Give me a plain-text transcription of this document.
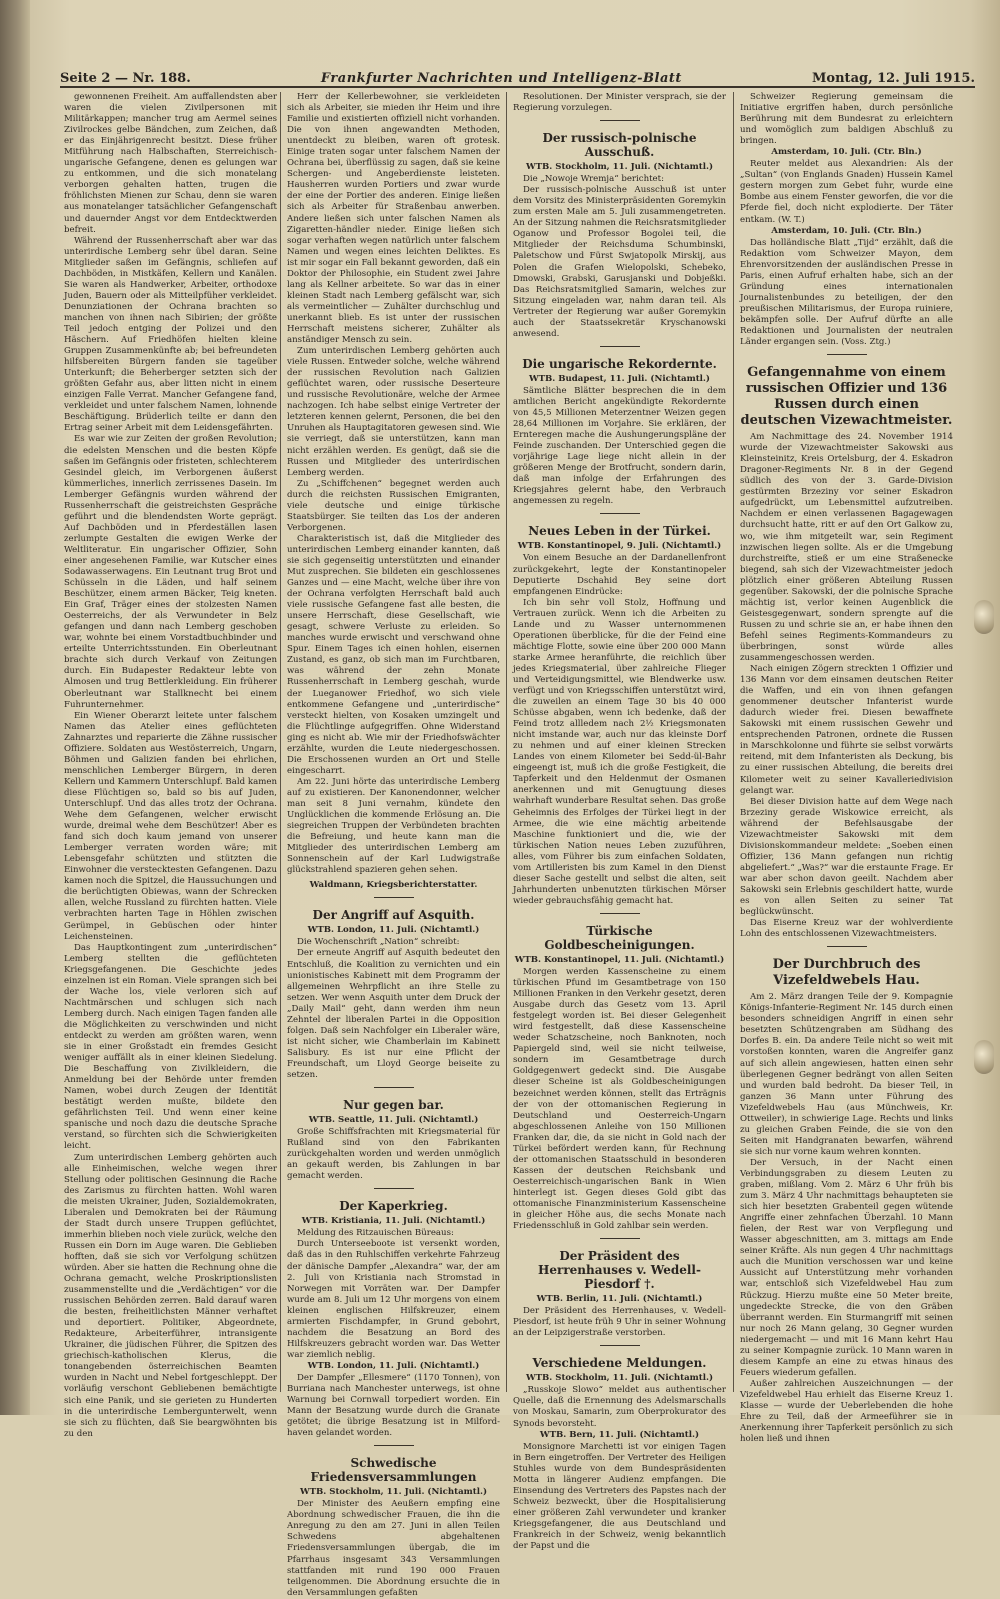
Seite 2 — Nr. 188.	Frankfurter Nachrichten und Intelligenz-Blatt	Montag, 12. Juli 1915.

gewonnenen Freiheit. Am auffallendsten aber waren die vielen Zivilpersonen mit Militärkappen; mancher trug am Aermel seines Zivilrockes gelbe Bändchen, zum Zeichen, daß er das Einjährigenrecht besitzt. Diese früher Mitführung nach Halbschaften, Sterreichisch-ungarische Gefangene, denen es gelungen war zu entkommen, und die sich monatelang verborgen gehalten hatten, trugen die fröhlichsten Mienen zur Schau, denn sie waren aus monatelanger tatsächlicher Gefangenschaft und dauernder Angst vor dem Entdecktwerden befreit.

Während der Russenherrschaft aber war das unterirdische Lemberg sehr übel daran. Seine Mitglieder saßen im Gefängnis, schliefen auf Dachböden, in Mistkäfen, Kellern und Kanälen. Sie waren als Handwerker, Arbeiter, orthodoxe Juden, Bauern oder als Mitteilpfüher verkleidet. Denunziationen der Ochrana brachten so manchen von ihnen nach Sibirien; der größte Teil jedoch entging der Polizei und den Häschern. Auf Friedhöfen hielten kleine Gruppen Zusammenkünfte ab; bei befreundeten hilfsbereiten Bürgern fanden sie tageüber Unterkunft; die Beherberger setzten sich der größten Gefahr aus, aber litten nicht in einem einzigen Falle Verrat. Mancher Gefangene fand, verkleidet und unter falschem Namen, lohnende Beschäftigung. Brüderlich teilte er dann den Ertrag seiner Arbeit mit dem Leidensgefährten.

Es war wie zur Zeiten der großen Revolution; die edelsten Menschen und die besten Köpfe saßen im Gefängnis oder fristeten, schlechterem Gesindel gleich, im Verborgenen äußerst kümmerliches, innerlich zerrissenes Dasein. Im Lemberger Gefängnis wurden während der Russenherrschaft die geistreichsten Gespräche geführt und die blendendsten Worte geprägt. Auf Dachböden und in Pferdeställen lasen zerlumpte Gestalten die ewigen Werke der Weltliteratur. Ein ungarischer Offizier, Sohn einer angesehenen Familie, war Kutscher eines Sodawasserwagens. Ein Leutnant trug Brot und Schüsseln in die Läden, und half seinem Beschützer, einem armen Bäcker, Teig kneten. Ein Graf, Träger eines der stolzesten Namen Oesterreichs, der als Verwundeter in Belz gefangen und dann nach Lemberg geschoben war, wohnte bei einem Vorstadtbuchbinder und erteilte Unterrichtsstunden. Ein Oberleutnant brachte sich durch Verkauf von Zeitungen durch. Ein Budapester Redakteur lebte von Almosen und trug Bettlerkleidung. Ein früherer Oberleutnant war Stallknecht bei einem Fuhrunternehmer.

Ein Wiener Oberarzt leitete unter falschem Namen das Atelier eines geflüchteten Zahnarztes und reparierte die Zähne russischer Offiziere. Soldaten aus Westösterreich, Ungarn, Böhmen und Galizien fanden bei ehrlichen, menschlichen Lemberger Bürgern, in deren Kellern und Kammern Unterschlupf. Bald kamen diese Flüchtigen so, bald so bis auf Juden, Unterschlupf. Und das alles trotz der Ochrana. Wehe dem Gefangenen, welcher erwischt wurde, dreimal wehe dem Beschützer! Aber es fand sich doch kaum jemand von unserer Lemberger verraten worden wäre; mit Lebensgefahr schützten und stützten die Einwohner die verstecktesten Gefangenen. Dazu kamen noch die Spitzel, die Haussuchungen und die berüchtigten Obiewas, wann der Schrecken allen, welche Russland zu fürchten hatten. Viele verbrachten harten Tage in Höhlen zwischen Gerümpel, in Gebüschen oder hinter Leichensteinen.

Das Hauptkontingent zum „unterirdischen“ Lemberg stellten die geflüchteten Kriegsgefangenen. Die Geschichte jedes einzelnen ist ein Roman. Viele sprangen sich bei der Wache los, viele verloren sich auf Nachtmärschen und schlugen sich nach Lemberg durch. Nach einigen Tagen fanden alle die Möglichkeiten zu verschwinden und nicht entdeckt zu werden am größten waren, wenn sie in einer Großstadt ein fremdes Gesicht weniger auffällt als in einer kleinen Siedelung. Die Beschaffung von Zivilkleidern, die Anmeldung bei der Behörde unter fremden Namen, wobei durch Zeugen der Identität bestätigt werden mußte, bildete den gefährlichsten Teil. Und wenn einer keine spanische und noch dazu die deutsche Sprache verstand, so fürchten sich die Schwierigkeiten leicht.

Zum unterirdischen Lemberg gehörten auch alle Einheimischen, welche wegen ihrer Stellung oder politischen Gesinnung die Rache des Zarismus zu fürchten hatten. Wohl waren die meisten Ukrainer, Juden, Sozialdemokraten, Liberalen und Demokraten bei der Räumung der Stadt durch unsere Truppen geflüchtet, immerhin blieben noch viele zurück, welche den Russen ein Dorn im Auge waren. Die Geblieben hofften, daß sie sich vor Verfolgung schützen würden. Aber sie hatten die Rechnung ohne die Ochrana gemacht, welche Proskriptionslisten zusammenstellte und die „Verdächtigen“ vor die russischen Behörden zerren. Bald darauf waren die besten, freiheitlichsten Männer verhaftet und deportiert. Politiker, Abgeordnete, Redakteure, Arbeiterführer, intransigente Ukrainer, die jüdischen Führer, die Spitzen des griechisch-katholischen Klerus, die tonangebenden österreichischen Beamten wurden in Nacht und Nebel fortgeschleppt. Der vorläufig verschont Gebliebenen bemächtigte sich eine Panik, und sie gerieten zu Hunderten in die unterirdische Lembergunterwelt, wenn sie sich zu flüchten, daß Sie beargwöhnten bis zu den

Herr der Kellerbewohner, sie verkleideten sich als Arbeiter, sie mieden ihr Heim und ihre Familie und existierten offiziell nicht vorhanden. Die von ihnen angewandten Methoden, unentdeckt zu bleiben, waren oft grotesk. Einige traten sogar unter falschem Namen der Ochrana bei, überflüssig zu sagen, daß sie keine Schergen- und Angeberdienste leisteten. Hausherren wurden Portiers und zwar wurde der eine der Portier des anderen. Einige ließen sich als Arbeiter für Straßenbau anwerben. Andere ließen sich unter falschen Namen als Zigaretten-händler nieder. Einige ließen sich sogar verhaften wegen natürlich unter falschem Namen und wegen eines leichten Deliktes. Es ist mir sogar ein Fall bekannt geworden, daß ein Doktor der Philosophie, ein Student zwei Jahre lang als Kellner arbeitete. So war das in einer kleinen Stadt nach Lemberg gefälscht war, sich als vermeintlicher — Zuhälter durchschlug und unerkannt blieb. Es ist unter der russischen Herrschaft meistens sicherer, Zuhälter als anständiger Mensch zu sein.

Zum unterirdischen Lemberg gehörten auch viele Russen. Entweder solche, welche während der russischen Revolution nach Galizien geflüchtet waren, oder russische Deserteure und russische Revolutionäre, welche der Armee nachzogen. Ich habe selbst einige Vertreter der letzteren kennen gelernt, Personen, die bei den Unruhen als Hauptagitatoren gewesen sind. Wie sie verriegt, daß sie unterstützen, kann man nicht erzählen werden. Es genügt, daß sie die Russen und Mitglieder des unterirdischen Lemberg werden.

Zu „Schiffchenen“ begegnet werden auch durch die reichsten Russischen Emigranten, viele deutsche und einige türkische Staatsbürger. Sie teilten das Los der anderen Verborgenen.

Charakteristisch ist, daß die Mitglieder des unterirdischen Lemberg einander kannten, daß sie sich gegenseitig unterstützten und einander Mut zusprechen. Sie bildeten ein geschlossenes Ganzes und — eine Macht, welche über ihre von der Ochrana verfolgten Herrschaft bald auch viele russische Gefangene fast alle besten, die unsere Herrschaft, diese Gesellschaft, wie gesagt, schwere Verluste zu erleiden. So manches wurde erwischt und verschwand ohne Spur. Einem Tages ich einen hohlen, eisernen Zustand, es ganz, ob sich man im Furchtbaren, was während der zehn Monate Russenherrschaft in Lemberg geschah, wurde der Lueganower Friedhof, wo sich viele entkommene Gefangene und „unterirdische“ versteckt hielten, von Kosaken umzingelt und die Flüchtlinge aufgegriffen. Ohne Widerstand ging es nicht ab. Wie mir der Friedhofswächter erzählte, wurden die Leute niedergeschossen. Die Erschossenen wurden an Ort und Stelle eingescharrt.

Am 22. Juni hörte das unterirdische Lemberg auf zu existieren. Der Kanonendonner, welcher man seit 8 Juni vernahm, kündete den Unglücklichen die kommende Erlösung an. Die siegreichen Truppen der Verbündeten brachten die Befreiung, und heute kann man die Mitglieder des unterirdischen Lemberg am Sonnenschein auf der Karl Ludwigstraße glückstrahlend spazieren gehen sehen.

Waldmann, Kriegsberichterstatter.
Der Angriff auf Asquith.
WTB. London, 11. Juli. (Nichtamtl.)

Die Wochenschrift „Nation“ schreibt:

Der erneute Angriff auf Asquith bedeutet den Entschluß, die Koalition zu vernichten und ein unionistisches Kabinett mit dem Programm der allgemeinen Wehrpflicht an ihre Stelle zu setzen. Wer wenn Asquith unter dem Druck der „Daily Mail“ geht, dann werden ihm neun Zehntel der liberalen Partei in die Opposition folgen. Daß sein Nachfolger ein Liberaler wäre, ist nicht sicher, wie Chamberlain im Kabinett Salisbury. Es ist nur eine Pflicht der Freundschaft, um Lloyd George beiseite zu setzen.

Nur gegen bar.
WTB. Seattle, 11. Juli. (Nichtamtl.)

Große Schiffsfrachten mit Kriegsmaterial für Rußland sind von den Fabrikanten zurückgehalten worden und werden unmöglich an gekauft werden, bis Zahlungen in bar gemacht werden.

Der Kaperkrieg.
WTB. Kristiania, 11. Juli. (Nichtamtl.)

Meldung des Ritzauischen Büreaus:

Durch Unterseeboote ist versenkt worden, daß das in den Ruhlschiffen verkehrte Fahrzeug der dänische Dampfer „Alexandra“ war, der am 2. Juli von Kristiania nach Stromstad in Norwegen mit Vorräten war. Der Dampfer wurde am 8. Juli um 12 Uhr morgens von einem kleinen englischen Hilfskreuzer, einem armierten Fischdampfer, in Grund gebohrt, nachdem die Besatzung an Bord des Hilfskreuzers gebracht worden war. Das Wetter war ziemlich neblig.

WTB. London, 11. Juli. (Nichtamtl.)

Der Dampfer „Ellesmere“ (1170 Tonnen), von Burriana nach Manchester unterwegs, ist ohne Warnung bei Cornwall torpediert worden. Ein Mann der Besatzung wurde durch die Granate getötet; die übrige Besatzung ist in Milford-haven gelandet worden.

Schwedische Friedensversammlungen
WTB. Stockholm, 11. Juli. (Nichtamtl.)

Der Minister des Aeußern empfing eine Abordnung schwedischer Frauen, die ihn die Anregung zu den am 27. Juni in allen Teilen Schwedens abgehaltenen Friedensversammlungen übergab, die im Pfarrhaus insgesamt 343 Versammlungen stattfanden mit rund 190 000 Frauen teilgenommen. Die Abordnung ersuchte die in den Versammlungen gefaßten

Resolutionen. Der Minister versprach, sie der Regierung vorzulegen.

Der russisch-polnische Ausschuß.
WTB. Stockholm, 11. Juli. (Nichtamtl.)

Die „Nowoje Wremja“ berichtet:

Der russisch-polnische Ausschuß ist unter dem Vorsitz des Ministerpräsidenten Goremykin zum ersten Male am 5. Juli zusammengetreten. An der Sitzung nahmen die Reichsratsmitglieder Oganow und Professor Bogolei teil, die Mitglieder der Reichsduma Schumbinski, Paletschow und Fürst Swjatopolk Mirskij, aus Polen die Grafen Wielopolski, Schebeko, Dmowski, Grabski, Garusjanski und Dobjeßki. Das Reichsratsmitglied Samarin, welches zur Sitzung eingeladen war, nahm daran teil. Als Vertreter der Regierung war außer Goremykin auch der Staatssekretär Kryschanowski anwesend.

Die ungarische Rekordernte.
WTB. Budapest, 11. Juli. (Nichtamtl.)

Sämtliche Blätter besprechen die in dem amtlichen Bericht angekündigte Rekordernte von 45,5 Millionen Meterzentner Weizen gegen 28,64 Millionen im Vorjahre. Sie erklären, der Ernteregen mache die Aushungerungspläne der Feinde zuschanden. Der Unterschied gegen die vorjährige Lage liege nicht allein in der größeren Menge der Brotfrucht, sondern darin, daß man infolge der Erfahrungen des Kriegsjahres gelernt habe, den Verbrauch angemessen zu regeln.

Neues Leben in der Türkei.
WTB. Konstantinopel, 9. Juli. (Nichtamtl.)

Von einem Besuche an der Dardanellenfront zurückgekehrt, legte der Konstantinopeler Deputierte Dschahid Bey seine dort empfangenen Eindrücke:

Ich bin sehr voll Stolz, Hoffnung und Vertrauen zurück. Wenn ich die Arbeiten zu Lande und zu Wasser unternommenen Operationen überblicke, für die der Feind eine mächtige Flotte, sowie eine über 200 000 Mann starke Armee heranführte, die reichlich über jedes Kriegsmaterial, über zahlreiche Flieger und Verteidigungsmittel, wie Blendwerke usw. verfügt und von Kriegsschiffen unterstützt wird, die zuweilen an einem Tage 30 bis 40 000 Schüsse abgaben, wenn ich bedenke, daß der Feind trotz allledem nach 2½ Kriegsmonaten nicht imstande war, auch nur das kleinste Dorf zu nehmen und auf einer kleinen Strecken Landes von einem Kilometer bei Sedd-ül-Bahr eingeengt ist, muß ich die große Festigkeit, die Tapferkeit und den Heldenmut der Osmanen anerkennen und mit Genugtuung dieses wahrhaft wunderbare Resultat sehen. Das große Geheimnis des Erfolges der Türkei liegt in der Armee, die wie eine mächtig arbeitende Maschine funktioniert und die, wie der türkischen Nation neues Leben zuzuführen, alles, vom Führer bis zum einfachen Soldaten, vom Artilleristen bis zum Kamel in den Dienst dieser Sache gestellt und selbst die alten, seit Jahrhunderten unbenutzten türkischen Mörser wieder gebrauchsfähig gemacht hat.

Türkische Goldbescheinigungen.
WTB. Konstantinopel, 11. Juli. (Nichtamtl.)

Morgen werden Kassenscheine zu einem türkischen Pfund im Gesamtbetrage von 150 Millionen Franken in den Verkehr gesetzt, deren Ausgabe durch das Gesetz vom 13. April festgelegt worden ist. Bei dieser Gelegenheit wird festgestellt, daß diese Kassenscheine weder Schatzscheine, noch Banknoten, noch Papiergeld sind, weil sie nicht teilweise, sondern im Gesamtbetrage durch Goldgegenwert gedeckt sind. Die Ausgabe dieser Scheine ist als Goldbescheinigungen bezeichnet werden können, stellt das Erträgnis der von der ottomanischen Regierung in Deutschland und Oesterreich-Ungarn abgeschlossenen Anleihe von 150 Millionen Franken dar, die, da sie nicht in Gold nach der Türkei befördert werden kann, für Rechnung der ottomanischen Staatsschuld in besonderen Kassen der deutschen Reichsbank und Oesterreichisch-ungarischen Bank in Wien hinterlegt ist. Gegen dieses Gold gibt das ottomanische Finanzministerium Kassenscheine in gleicher Höhe aus, die sechs Monate nach Friedensschluß in Gold zahlbar sein werden.

Der Präsident des Herrenhauses v. Wedell-Piesdorf †.
WTB. Berlin, 11. Juli. (Nichtamtl.)

Der Präsident des Herrenhauses, v. Wedell-Piesdorf, ist heute früh 9 Uhr in seiner Wohnung an der Leipzigerstraße verstorben.

Verschiedene Meldungen.
WTB. Stockholm, 11. Juli. (Nichtamtl.)

„Russkoje Slowo“ meldet aus authentischer Quelle, daß die Ernennung des Adelsmarschalls von Moskau, Samarin, zum Oberprokurator des Synods bevorsteht.

WTB. Bern, 11. Juli. (Nichtamtl.)

Monsignore Marchetti ist vor einigen Tagen in Bern eingetroffen. Der Vertreter des Heiligen Stuhles wurde von dem Bundespräsidenten Motta in längerer Audienz empfangen. Die Einsendung des Vertreters des Papstes nach der Schweiz bezweckt, über die Hospitalisierung einer größeren Zahl verwundeter und kranker Kriegsgefangener, die aus Deutschland und Frankreich in der Schweiz, wenig bekanntlich der Papst und die

Schweizer Regierung gemeinsam die Initiative ergriffen haben, durch persönliche Berührung mit dem Bundesrat zu erleichtern und womöglich zum baldigen Abschluß zu bringen.

Amsterdam, 10. Juli. (Ctr. Bln.)

Reuter meldet aus Alexandrien: Als der „Sultan“ (von Englands Gnaden) Hussein Kamel gestern morgen zum Gebet fuhr, wurde eine Bombe aus einem Fenster geworfen, die vor die Pferde fiel, doch nicht explodierte. Der Täter entkam. (W. T.)

Amsterdam, 10. Juli. (Ctr. Bln.)

Das holländische Blatt „Tijd“ erzählt, daß die Redaktion vom Schweizer Mayon, dem Ehrenvorsitzenden der ausländischen Presse in Paris, einen Aufruf erhalten habe, sich an der Gründung eines internationalen Journalistenbundes zu beteiligen, der den preußischen Militarismus, der Europa ruiniere, bekämpfen solle. Der Aufruf dürfte an alle Redaktionen und Journalisten der neutralen Länder ergangen sein. (Voss. Ztg.)

Gefangennahme von einem russischen Offizier und 136 Russen durch einen deutschen Vizewachtmeister.

Am Nachmittage des 24. November 1914 wurde der Vizewachtmeister Sakowski aus Kleinsteinitz, Kreis Ortelsburg, der 4. Eskadron Dragoner-Regiments Nr. 8 in der Gegend südlich des von der 3. Garde-Division gestürmten Brzeziny vor seiner Eskadron aufgedrückt, um Lebensmittel aufzutreiben. Nachdem er einen verlassenen Bagagewagen durchsucht hatte, ritt er auf den Ort Galkow zu, wo, wie ihm mitgeteilt war, sein Regiment inzwischen liegen sollte. Als er die Umgebung durchstreifte, stieß er um eine Straßenecke biegend, sah sich der Vizewachtmeister jedoch plötzlich einer größeren Abteilung Russen gegenüber. Sakowski, der die polnische Sprache mächtig ist, verlor keinen Augenblick die Geistesgegenwart, sondern sprengte auf die Russen zu und schrie sie an, er habe ihnen den Befehl seines Regiments-Kommandeurs zu überbringen, sonst würde alles zusammengeschossen werden.

Nach einigen Zögern streckten 1 Offizier und 136 Mann vor dem einsamen deutschen Reiter die Waffen, und ein von ihnen gefangen genommener deutscher Infanterist wurde dadurch wieder frei. Diesen bewaffnete Sakowski mit einem russischen Gewehr und entsprechenden Patronen, ordnete die Russen in Marschkolonne und führte sie selbst vorwärts reitend, mit dem Infanteristen als Deckung, bis zu einer russischen Abteilung, die bereits drei Kilometer weit zu seiner Kavalleriedivision gelangt war.

Bei dieser Division hatte auf dem Wege nach Brzeziny gerade Wiskowice erreicht, als während der Befehlsausgabe der Vizewachtmeister Sakowski mit dem Divisionskommandeur meldete: „Soeben einen Offizier, 136 Mann gefangen nun richtig abgeliefert.“ „Was?“ war die erstaunte Frage. Er war aber schon davon geeilt. Nachdem aber Sakowski sein Erlebnis geschildert hatte, wurde es von allen Seiten zu seiner Tat beglückwünscht.

Das Eiserne Kreuz war der wohlverdiente Lohn des entschlossenen Vizewachtmeisters.

Der Durchbruch des Vizefeldwebels Hau.

Am 2. März drangen Teile der 9. Kompagnie Königs-Infanterie-Regiment Nr. 145 durch einen besonders schneidigen Angriff in einen sehr besetzten Schützengraben am Südhang des Dorfes B. ein. Da andere Teile nicht so weit mit vorstoßen konnten, waren die Angreifer ganz auf sich allein angewiesen, hatten einen sehr überlegenen Gegner bedrängt von allen Seiten und wurden bald bedroht. Da bieser Teil, in ganzen 36 Mann unter Führung des Vizefeldwebels Hau (aus Münchweis, Kr. Ottweiler), in schwierige Lage. Rechts und links zu gleichen Graben Feinde, die sie von den Seiten mit Handgranaten bewarfen, während sie sich nur vorne kaum wehren konnten.

Der Versuch, in der Nacht einen Verbindungsgraben zu diesem Leuten zu graben, mißlang. Vom 2. März 6 Uhr früh bis zum 3. März 4 Uhr nachmittags behaupteten sie sich hier besetzten Grabenteil gegen wütende Angriffe einer zehnfachen Überzahl. 10 Mann fielen, der Rest war von Verpflegung und Wasser abgeschnitten, am 3. mittags am Ende seiner Kräfte. Als nun gegen 4 Uhr nachmittags auch die Munition verschossen war und keine Aussicht auf Unterstützung mehr vorhanden war, entschloß sich Vizefeldwebel Hau zum Rückzug. Hierzu mußte eine 50 Meter breite, ungedeckte Strecke, die von den Gräben überrannt werden. Ein Sturmangriff mit seinen nur noch 26 Mann gelang, 30 Gegner wurden niedergemacht — und mit 16 Mann kehrt Hau zu seiner Kompagnie zurück. 10 Mann waren in diesem Kampfe an eine zu etwas hinaus des Feuers wiederum gefallen.

Außer zahlreichen Auszeichnungen — der Vizefeldwebel Hau erhielt das Eiserne Kreuz 1. Klasse — wurde der Ueberlebenden die hohe Ehre zu Teil, daß der Armeeführer sie in Anerkennung ihrer Tapferkeit persönlich zu sich holen ließ und ihnen
